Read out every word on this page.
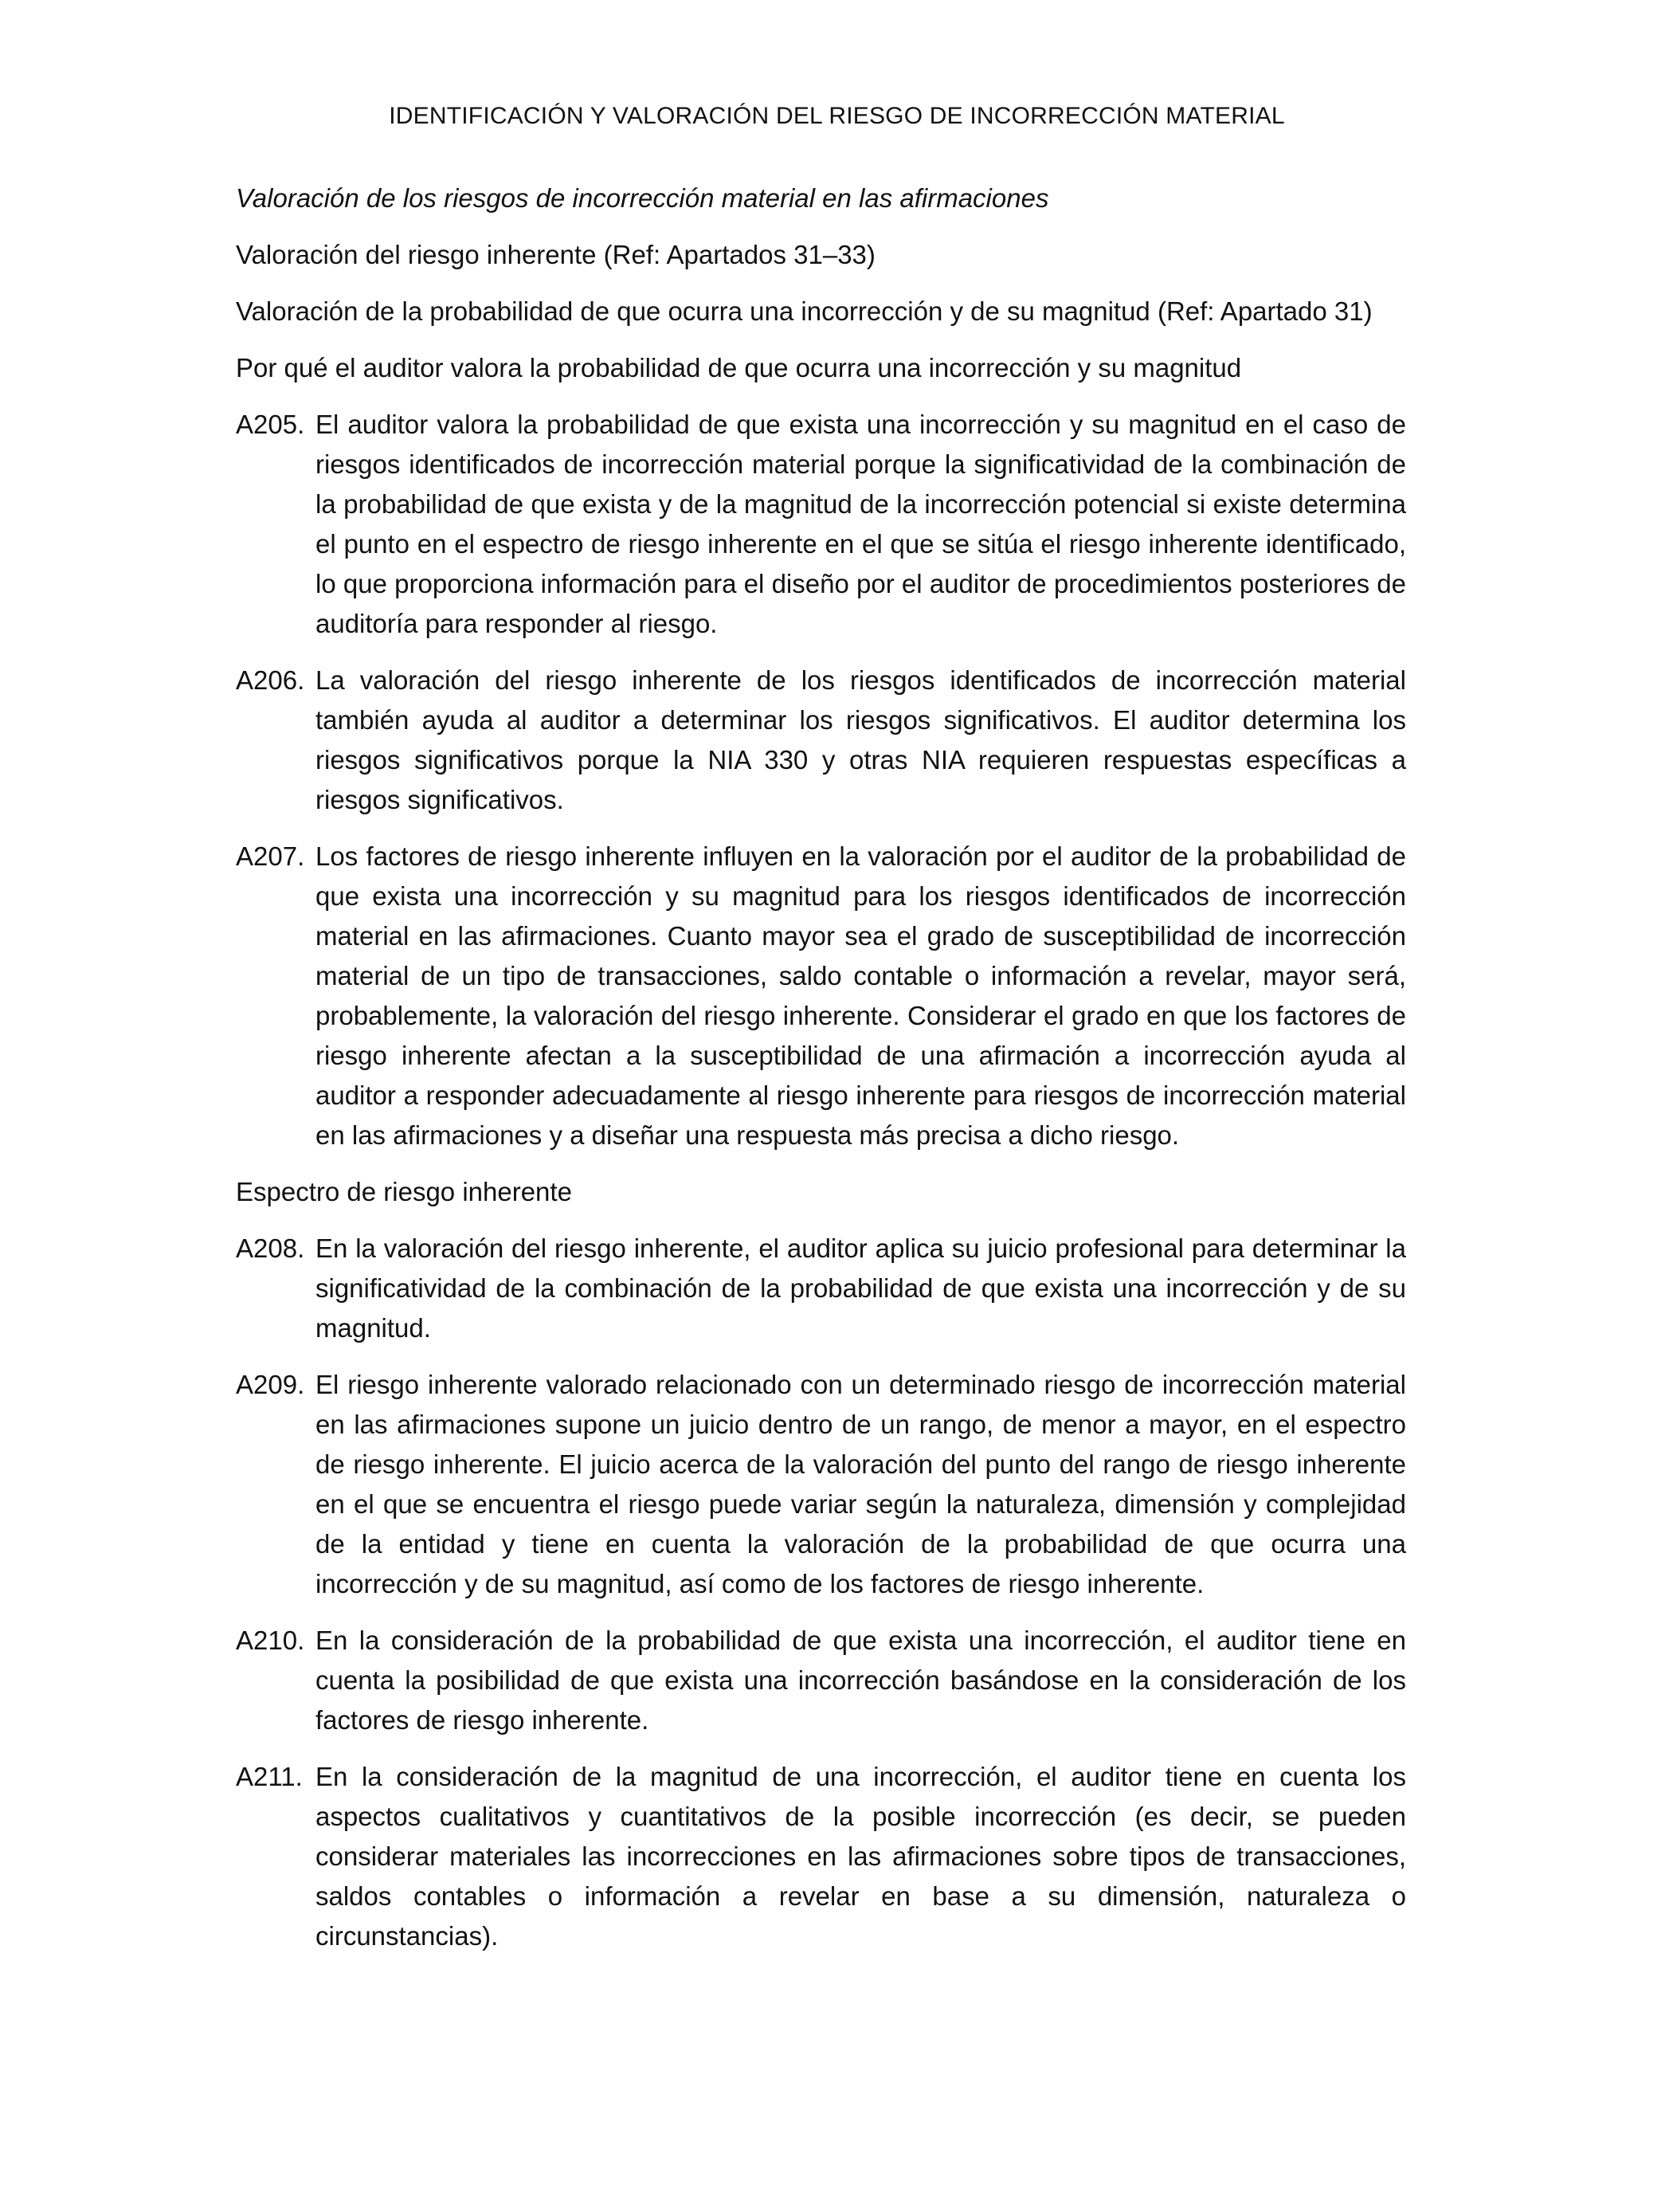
IDENTIFICACIÓN Y VALORACIÓN DEL RIESGO DE INCORRECCIÓN MATERIAL
Valoración de los riesgos de incorrección material en las afirmaciones
Valoración del riesgo inherente (Ref: Apartados 31–33)
Valoración de la probabilidad de que ocurra una incorrección y de su magnitud (Ref: Apartado 31)
Por qué el auditor valora la probabilidad de que ocurra una incorrección y su magnitud
A205. El auditor valora la probabilidad de que exista una incorrección y su magnitud en el caso de riesgos identificados de incorrección material porque la significatividad de la combinación de la probabilidad de que exista y de la magnitud de la incorrección potencial si existe determina el punto en el espectro de riesgo inherente en el que se sitúa el riesgo inherente identificado, lo que proporciona información para el diseño por el auditor de procedimientos posteriores de auditoría para responder al riesgo.
A206. La valoración del riesgo inherente de los riesgos identificados de incorrección material también ayuda al auditor a determinar los riesgos significativos. El auditor determina los riesgos significativos porque la NIA 330 y otras NIA requieren respuestas específicas a riesgos significativos.
A207. Los factores de riesgo inherente influyen en la valoración por el auditor de la probabilidad de que exista una incorrección y su magnitud para los riesgos identificados de incorrección material en las afirmaciones. Cuanto mayor sea el grado de susceptibilidad de incorrección material de un tipo de transacciones, saldo contable o información a revelar, mayor será, probablemente, la valoración del riesgo inherente. Considerar el grado en que los factores de riesgo inherente afectan a la susceptibilidad de una afirmación a incorrección ayuda al auditor a responder adecuadamente al riesgo inherente para riesgos de incorrección material en las afirmaciones y a diseñar una respuesta más precisa a dicho riesgo.
Espectro de riesgo inherente
A208. En la valoración del riesgo inherente, el auditor aplica su juicio profesional para determinar la significatividad de la combinación de la probabilidad de que exista una incorrección y de su magnitud.
A209. El riesgo inherente valorado relacionado con un determinado riesgo de incorrección material en las afirmaciones supone un juicio dentro de un rango, de menor a mayor, en el espectro de riesgo inherente. El juicio acerca de la valoración del punto del rango de riesgo inherente en el que se encuentra el riesgo puede variar según la naturaleza, dimensión y complejidad de la entidad y tiene en cuenta la valoración de la probabilidad de que ocurra una incorrección y de su magnitud, así como de los factores de riesgo inherente.
A210. En la consideración de la probabilidad de que exista una incorrección, el auditor tiene en cuenta la posibilidad de que exista una incorrección basándose en la consideración de los factores de riesgo inherente.
A211. En la consideración de la magnitud de una incorrección, el auditor tiene en cuenta los aspectos cualitativos y cuantitativos de la posible incorrección (es decir, se pueden considerar materiales las incorrecciones en las afirmaciones sobre tipos de transacciones, saldos contables o información a revelar en base a su dimensión, naturaleza o circunstancias).
